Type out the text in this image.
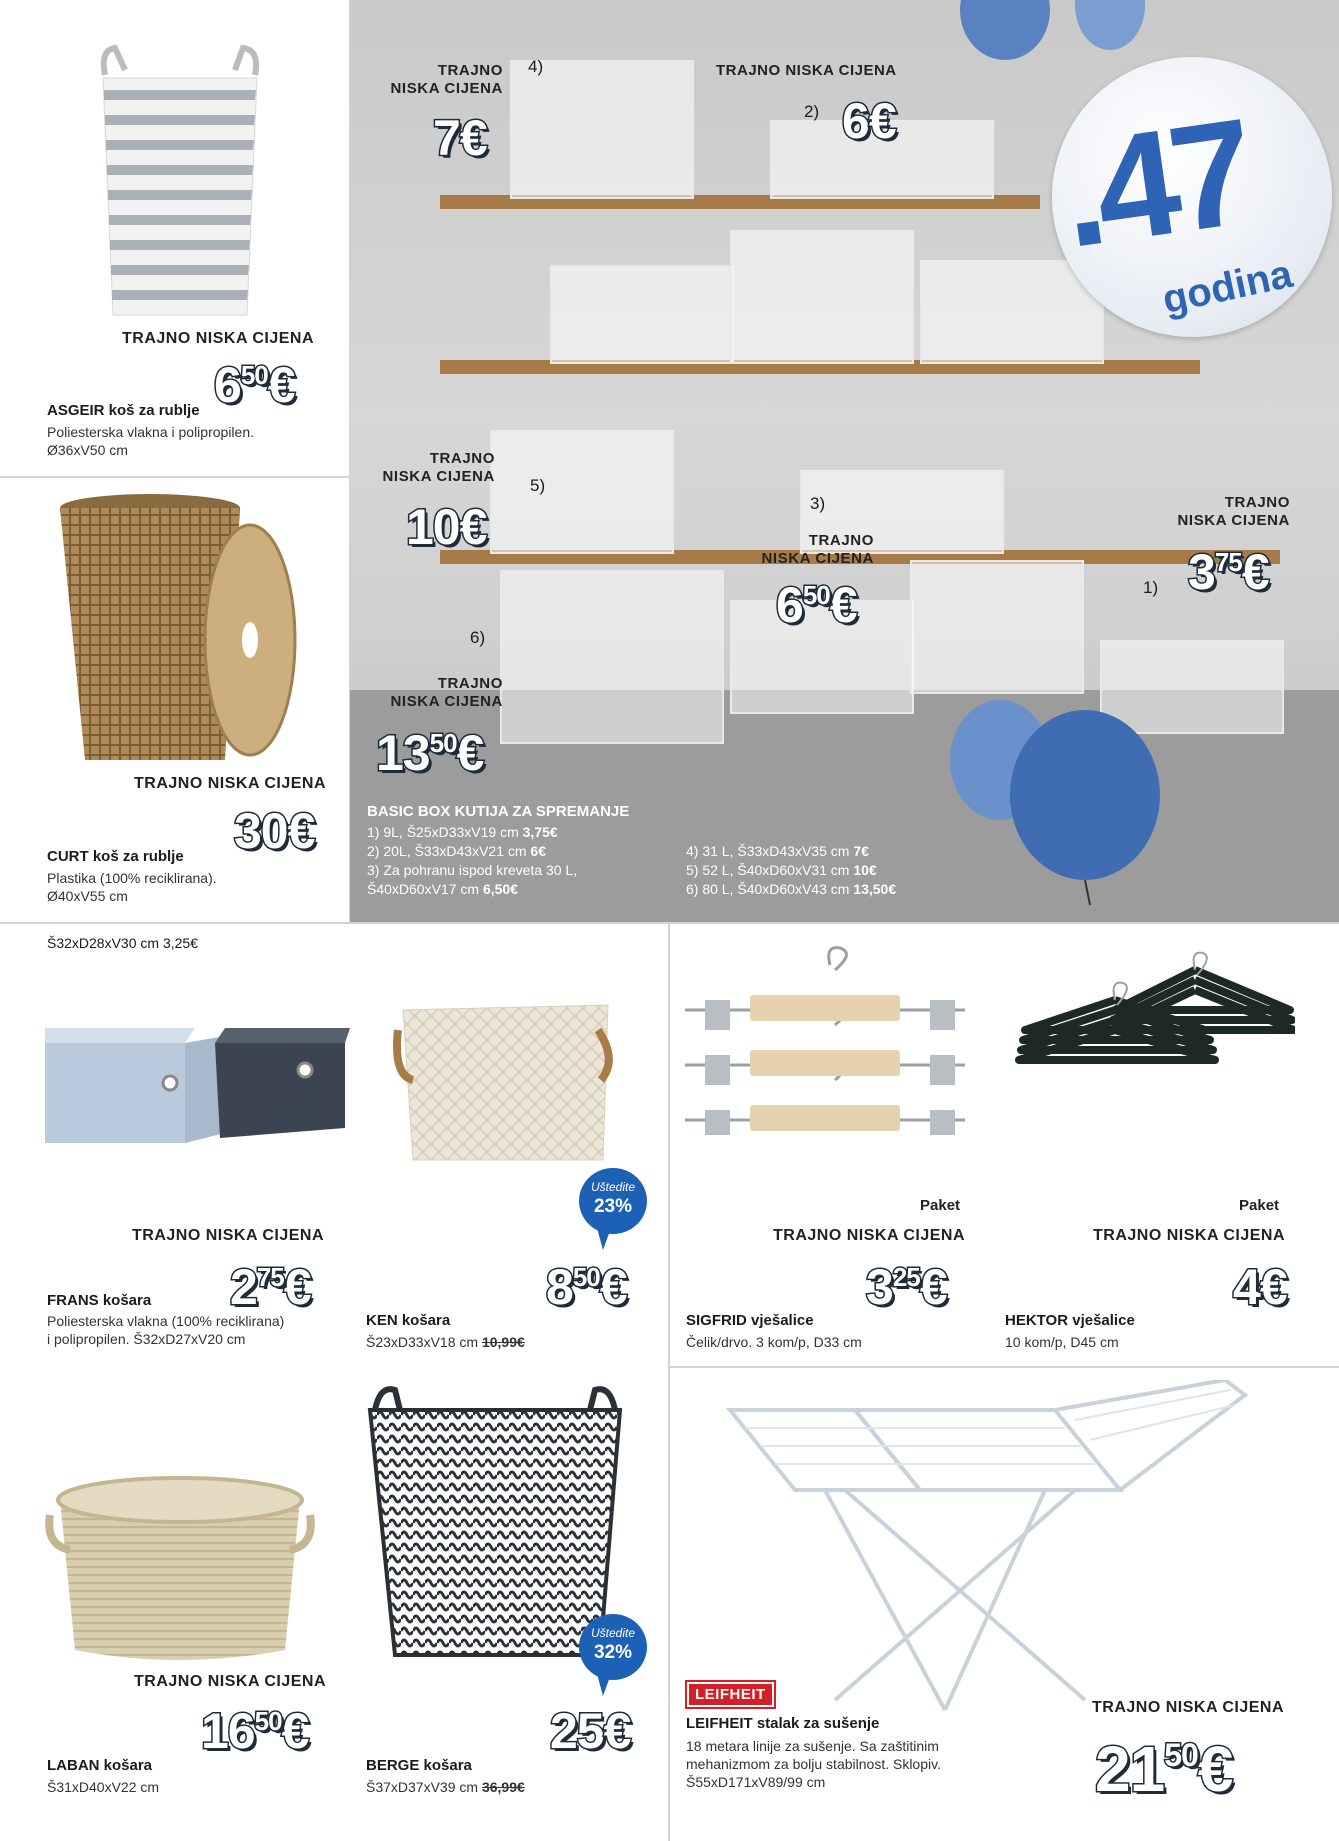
TRAJNO NISKA CIJENA
$6^{50}€$
ASGEIR koš za rublje
Poliesterska vlakna i polipropilen.
Ø36xV50 cm
TRAJNO NISKA CIJENA
30€
CURT koš za rublje
Plastika (100% reciklirana).
Ø40xV55 cm
.47
godina
TRAJNO
NISKA CIJENA
4)
7€
TRAJNO NISKA CIJENA
2) 6€
TRAJNO
NISKA CIJENA 5)
10€	3)
TRAJNO
NISKA CIJENA
$6^{50}€$
TRAJNO
NISKA CIJENA
$3^{75}€$
1)
6)
TRAJNO
NISKA CIJENA
$13^{50}€$
BASIC BOX KUTIJA ZA SPREMANJE
1) 9L, Š25xD33xV19 cm 3,75€
2) 20L, Š33xD43xV21 cm 6€
3) Za pohranu ispod kreveta 30 L,
Š40xD60xV17 cm 6,50€
4) 31 L, Š33xD43xV35 cm 7€
5) 52 L, Š40xD60xV31 cm 10€
6) 80 L, Š40xD60xV43 cm 13,50€
Š32xD28xV30 cm 3,25€
TRAJNO NISKA CIJENA
$2^{75}€$
FRANS košara
Poliesterska vlakna (100% reciklirana)
i polipropilen. Š32xD27xV20 cm
Uštedite
23%
$8^{50}€$
KEN košara
Š23xD33xV18 cm 10,99€
Paket
TRAJNO NISKA CIJENA
$3^{25}€$
SIGFRID vješalice
Čelik/drvo. 3 kom/p, D33 cm
Paket
TRAJNO NISKA CIJENA
4€
HEKTOR vješalice
10 kom/p, D45 cm
TRAJNO NISKA CIJENA
$16^{50}€$
LABAN košara
Š31xD40xV22 cm
Uštedite
32%
25€
BERGE košara
Š37xD37xV39 cm 36,99€
LEIFHEIT
TRAJNO NISKA CIJENA
$21^{50}€$
LEIFHEIT stalak za sušenje
18 metara linije za sušenje. Sa zaštitinim
mehanizmom za bolju stabilnost. Sklopiv.
Š55xD171xV89/99 cm
